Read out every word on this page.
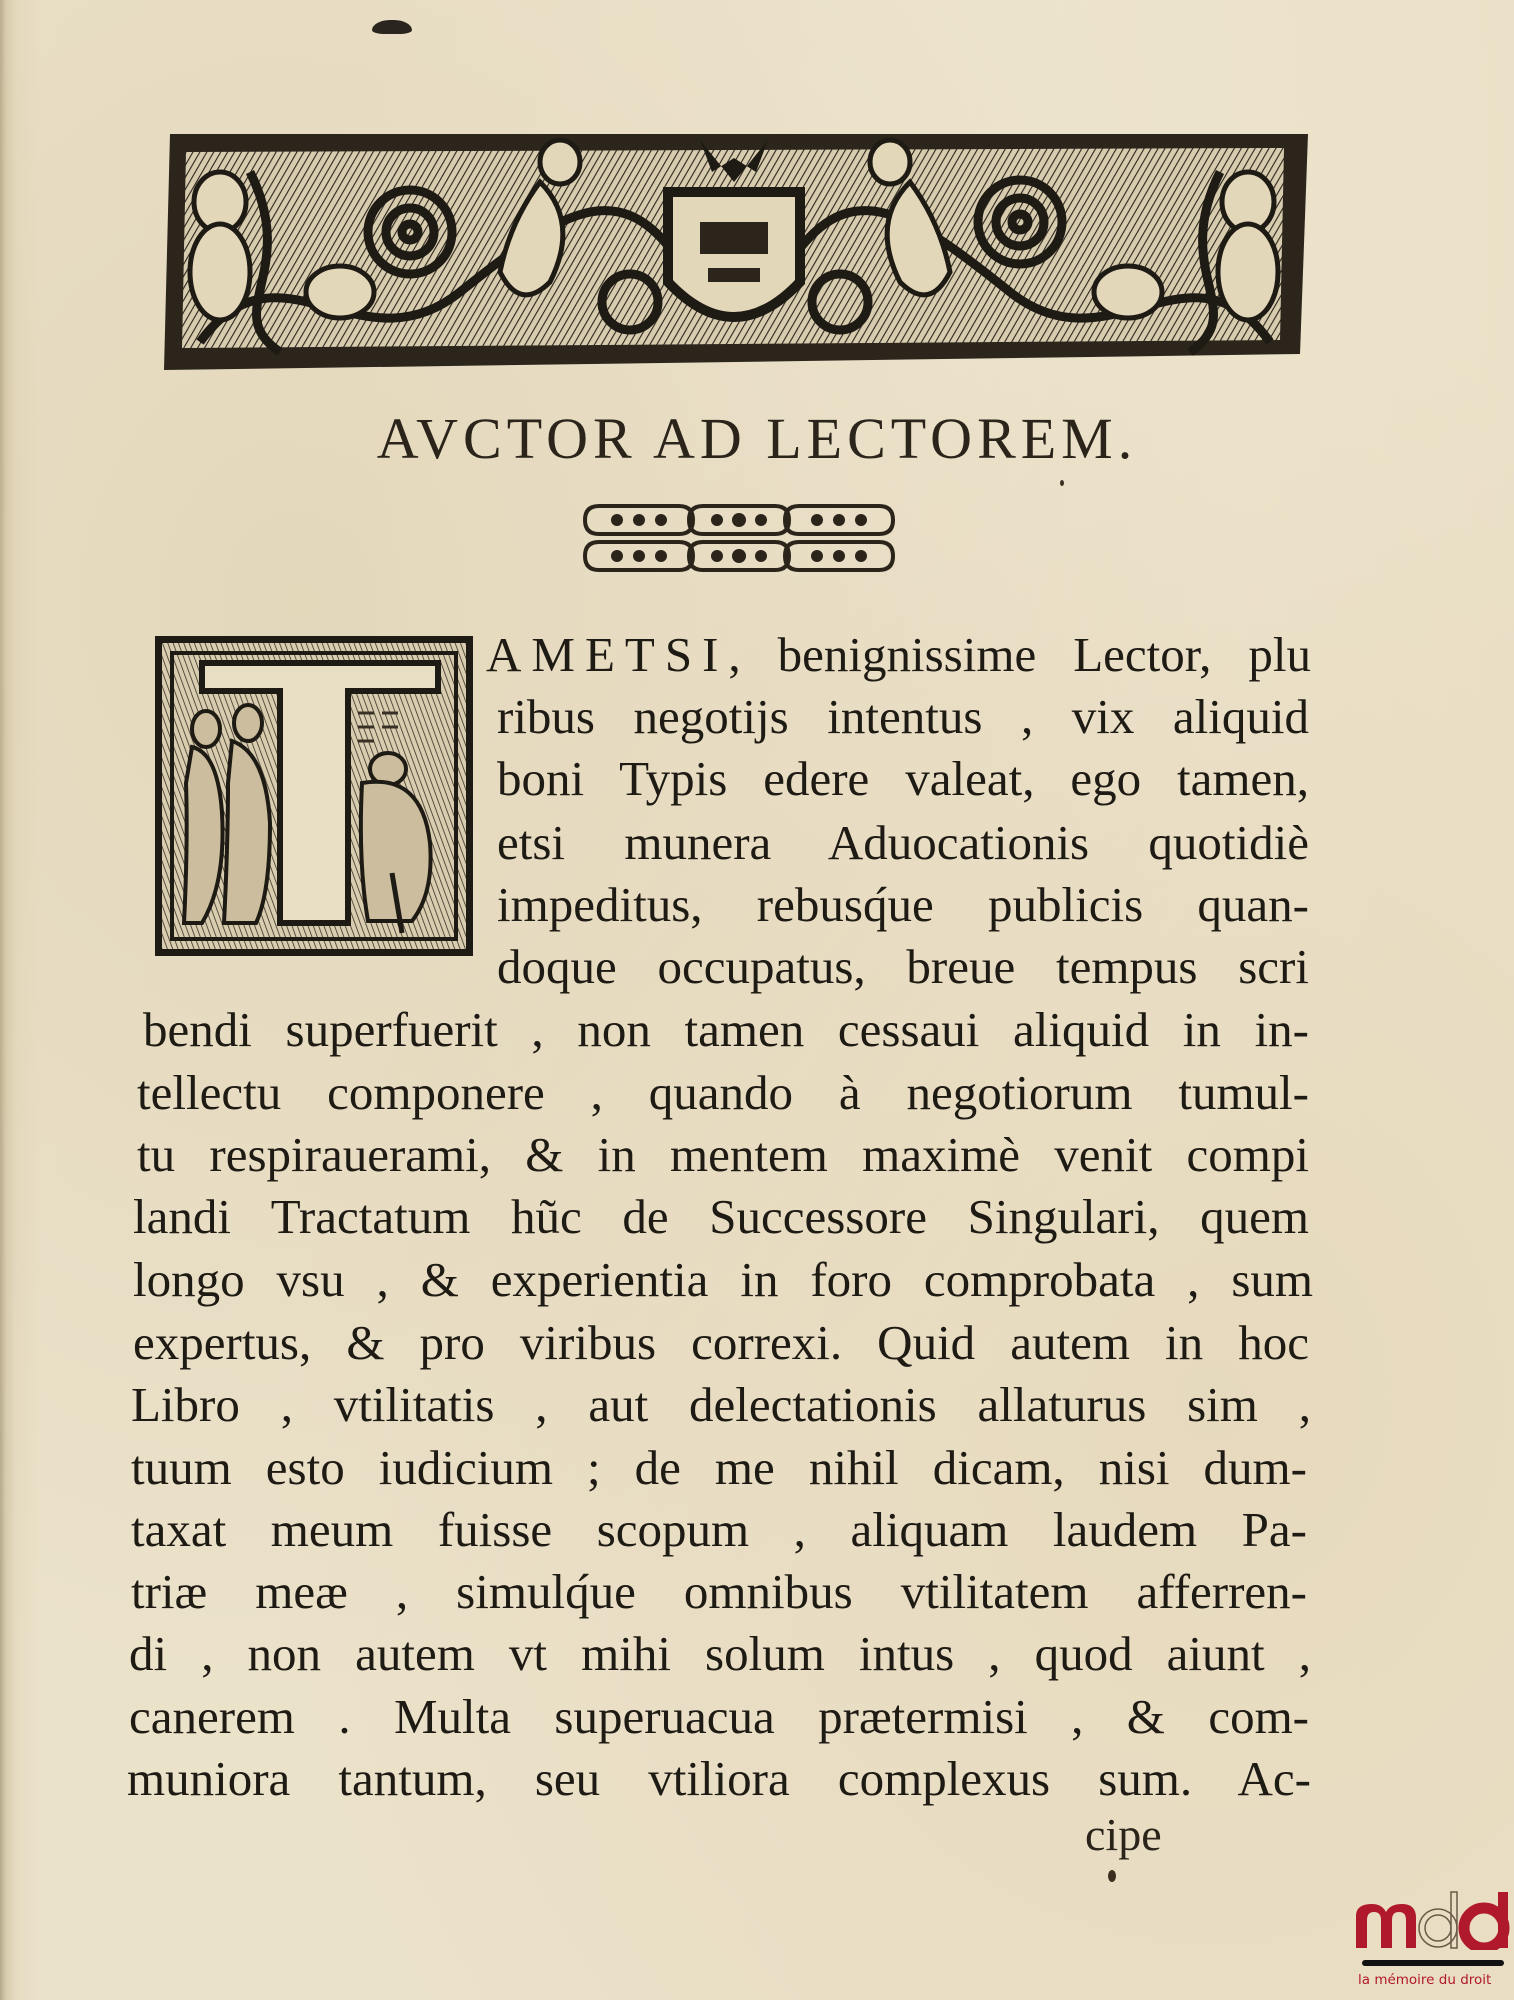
AVCTOR AD LECTOREM.
AMETSI, benignissime Lector, plu
ribus negotijs intentus , vix aliquid
boni Typis edere valeat, ego tamen,
etsi munera Aduocationis quotidiè
impeditus, rebusq́ue publicis quan-
doque occupatus, breue tempus scri
bendi superfuerit , non tamen cessaui aliquid in in-
tellectu componere , quando à negotiorum tumul-
tu respirauerami, & in mentem maximè venit compi
landi Tractatum hũc de Successore Singulari, quem
longo vsu , & experientia in foro comprobata , sum
expertus, & pro viribus correxi. Quid autem in hoc
Libro , vtilitatis , aut delectationis allaturus sim ,
tuum esto iudicium ; de me nihil dicam, nisi dum-
taxat meum fuisse scopum , aliquam laudem Pa-
triæ meæ , simulq́ue omnibus vtilitatem afferren-
di , non autem vt mihi solum intus , quod aiunt ,
canerem . Multa superuacua prætermisi , & com-
muniora tantum, seu vtiliora complexus sum. Ac-
cipe
la mémoire du droit
